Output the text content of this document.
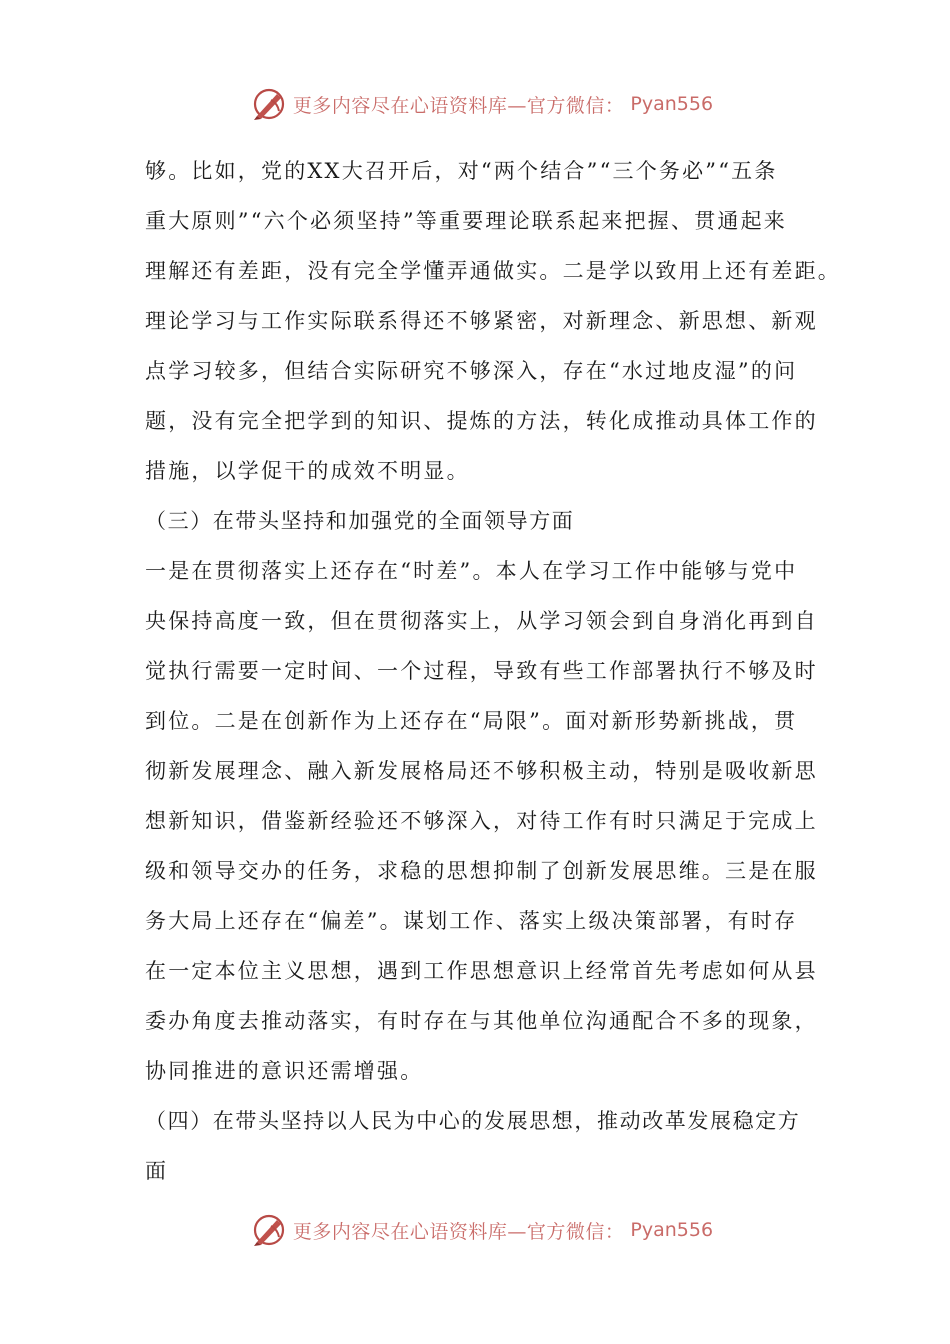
更多内容尽在心语资料库—官方微信： Pyan556
够。比如，党的XX大召开后，对“两个结合”“三个务必”“五条
重大原则”“六个必须坚持”等重要理论联系起来把握、贯通起来
理解还有差距，没有完全学懂弄通做实。二是学以致用上还有差距。
理论学习与工作实际联系得还不够紧密，对新理念、新思想、新观
点学习较多，但结合实际研究不够深入，存在“水过地皮湿”的问
题，没有完全把学到的知识、提炼的方法，转化成推动具体工作的
措施，以学促干的成效不明显。
（三）在带头坚持和加强党的全面领导方面
一是在贯彻落实上还存在“时差”。本人在学习工作中能够与党中
央保持高度一致，但在贯彻落实上，从学习领会到自身消化再到自
觉执行需要一定时间、一个过程，导致有些工作部署执行不够及时
到位。二是在创新作为上还存在“局限”。面对新形势新挑战，贯
彻新发展理念、融入新发展格局还不够积极主动，特别是吸收新思
想新知识，借鉴新经验还不够深入，对待工作有时只满足于完成上
级和领导交办的任务，求稳的思想抑制了创新发展思维。三是在服
务大局上还存在“偏差”。谋划工作、落实上级决策部署，有时存
在一定本位主义思想，遇到工作思想意识上经常首先考虑如何从县
委办角度去推动落实，有时存在与其他单位沟通配合不多的现象，
协同推进的意识还需增强。
（四）在带头坚持以人民为中心的发展思想，推动改革发展稳定方
面
更多内容尽在心语资料库—官方微信： Pyan556
